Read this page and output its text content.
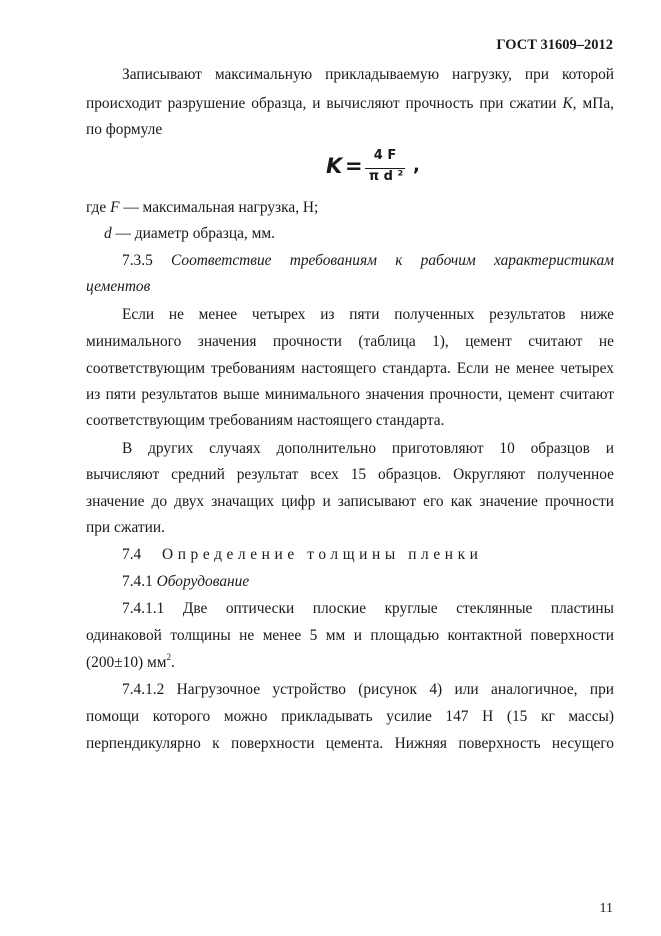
ГОСТ 31609–2012
Записывают максимальную прикладываемую нагрузку, при которой
происходит разрушение образца, и вычисляют прочность при сжатии К, мПа,
по формуле
K = 4 F
π d ²
,
где F — максимальная нагрузка, Н;
d — диаметр образца, мм.
7.3.5 Соответствие требованиям к рабочим характеристикам
цементов
Если не менее четырех из пяти полученных результатов ниже
минимального значения прочности (таблица 1), цемент считают не
соответствующим требованиям настоящего стандарта. Если не менее четырех
из пяти результатов выше минимального значения прочности, цемент считают
соответствующим требованиям настоящего стандарта.
В других случаях дополнительно приготовляют 10 образцов и
вычисляют средний результат всех 15 образцов. Округляют полученное
значение до двух значащих цифр и записывают его как значение прочности
при сжатии.
7.4	Определение толщины пленки
7.4.1 Оборудование
7.4.1.1 Две оптически плоские круглые стеклянные пластины
одинаковой толщины не менее 5 мм и площадью контактной поверхности
(200±10) $мм^2$.
7.4.1.2 Нагрузочное устройство (рисунок 4) или аналогичное, при
помощи которого можно прикладывать усилие 147 Н (15 кг массы)
перпендикулярно к поверхности цемента. Нижняя поверхность несущего
11
